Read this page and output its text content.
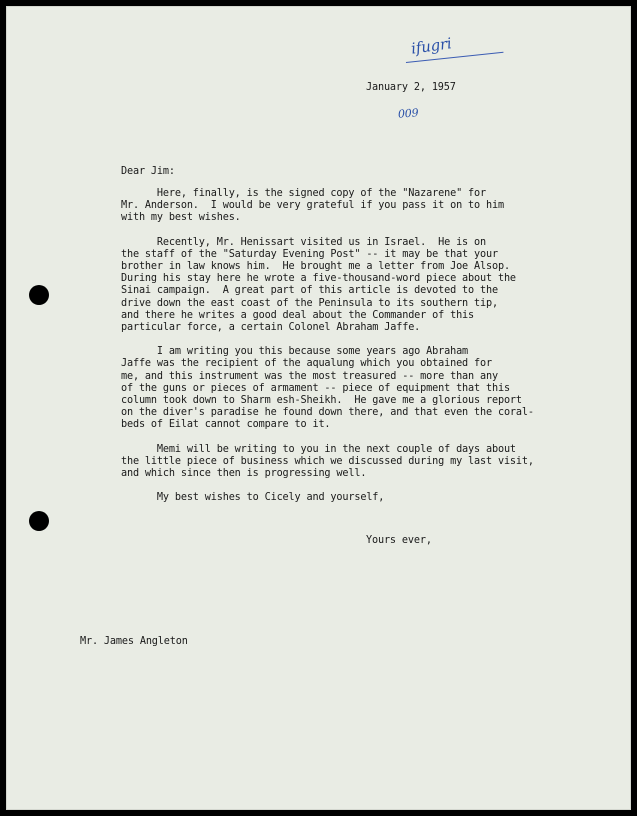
ifugri
009
January 2, 1957
Dear Jim:
Here, finally, is the signed copy of the "Nazarene" for
Mr. Anderson.  I would be very grateful if you pass it on to him
with my best wishes.
Recently, Mr. Henissart visited us in Israel.  He is on
the staff of the "Saturday Evening Post" -- it may be that your
brother in law knows him.  He brought me a letter from Joe Alsop.
During his stay here he wrote a five-thousand-word piece about the
Sinai campaign.  A great part of this article is devoted to the
drive down the east coast of the Peninsula to its southern tip,
and there he writes a good deal about the Commander of this
particular force, a certain Colonel Abraham Jaffe.
I am writing you this because some years ago Abraham
Jaffe was the recipient of the aqualung which you obtained for
me, and this instrument was the most treasured -- more than any
of the guns or pieces of armament -- piece of equipment that this
column took down to Sharm esh-Sheikh.  He gave me a glorious report
on the diver's paradise he found down there, and that even the coral-
beds of Eilat cannot compare to it.
Memi will be writing to you in the next couple of days about
the little piece of business which we discussed during my last visit,
and which since then is progressing well.
My best wishes to Cicely and yourself,
Yours ever,
Mr. James Angleton
